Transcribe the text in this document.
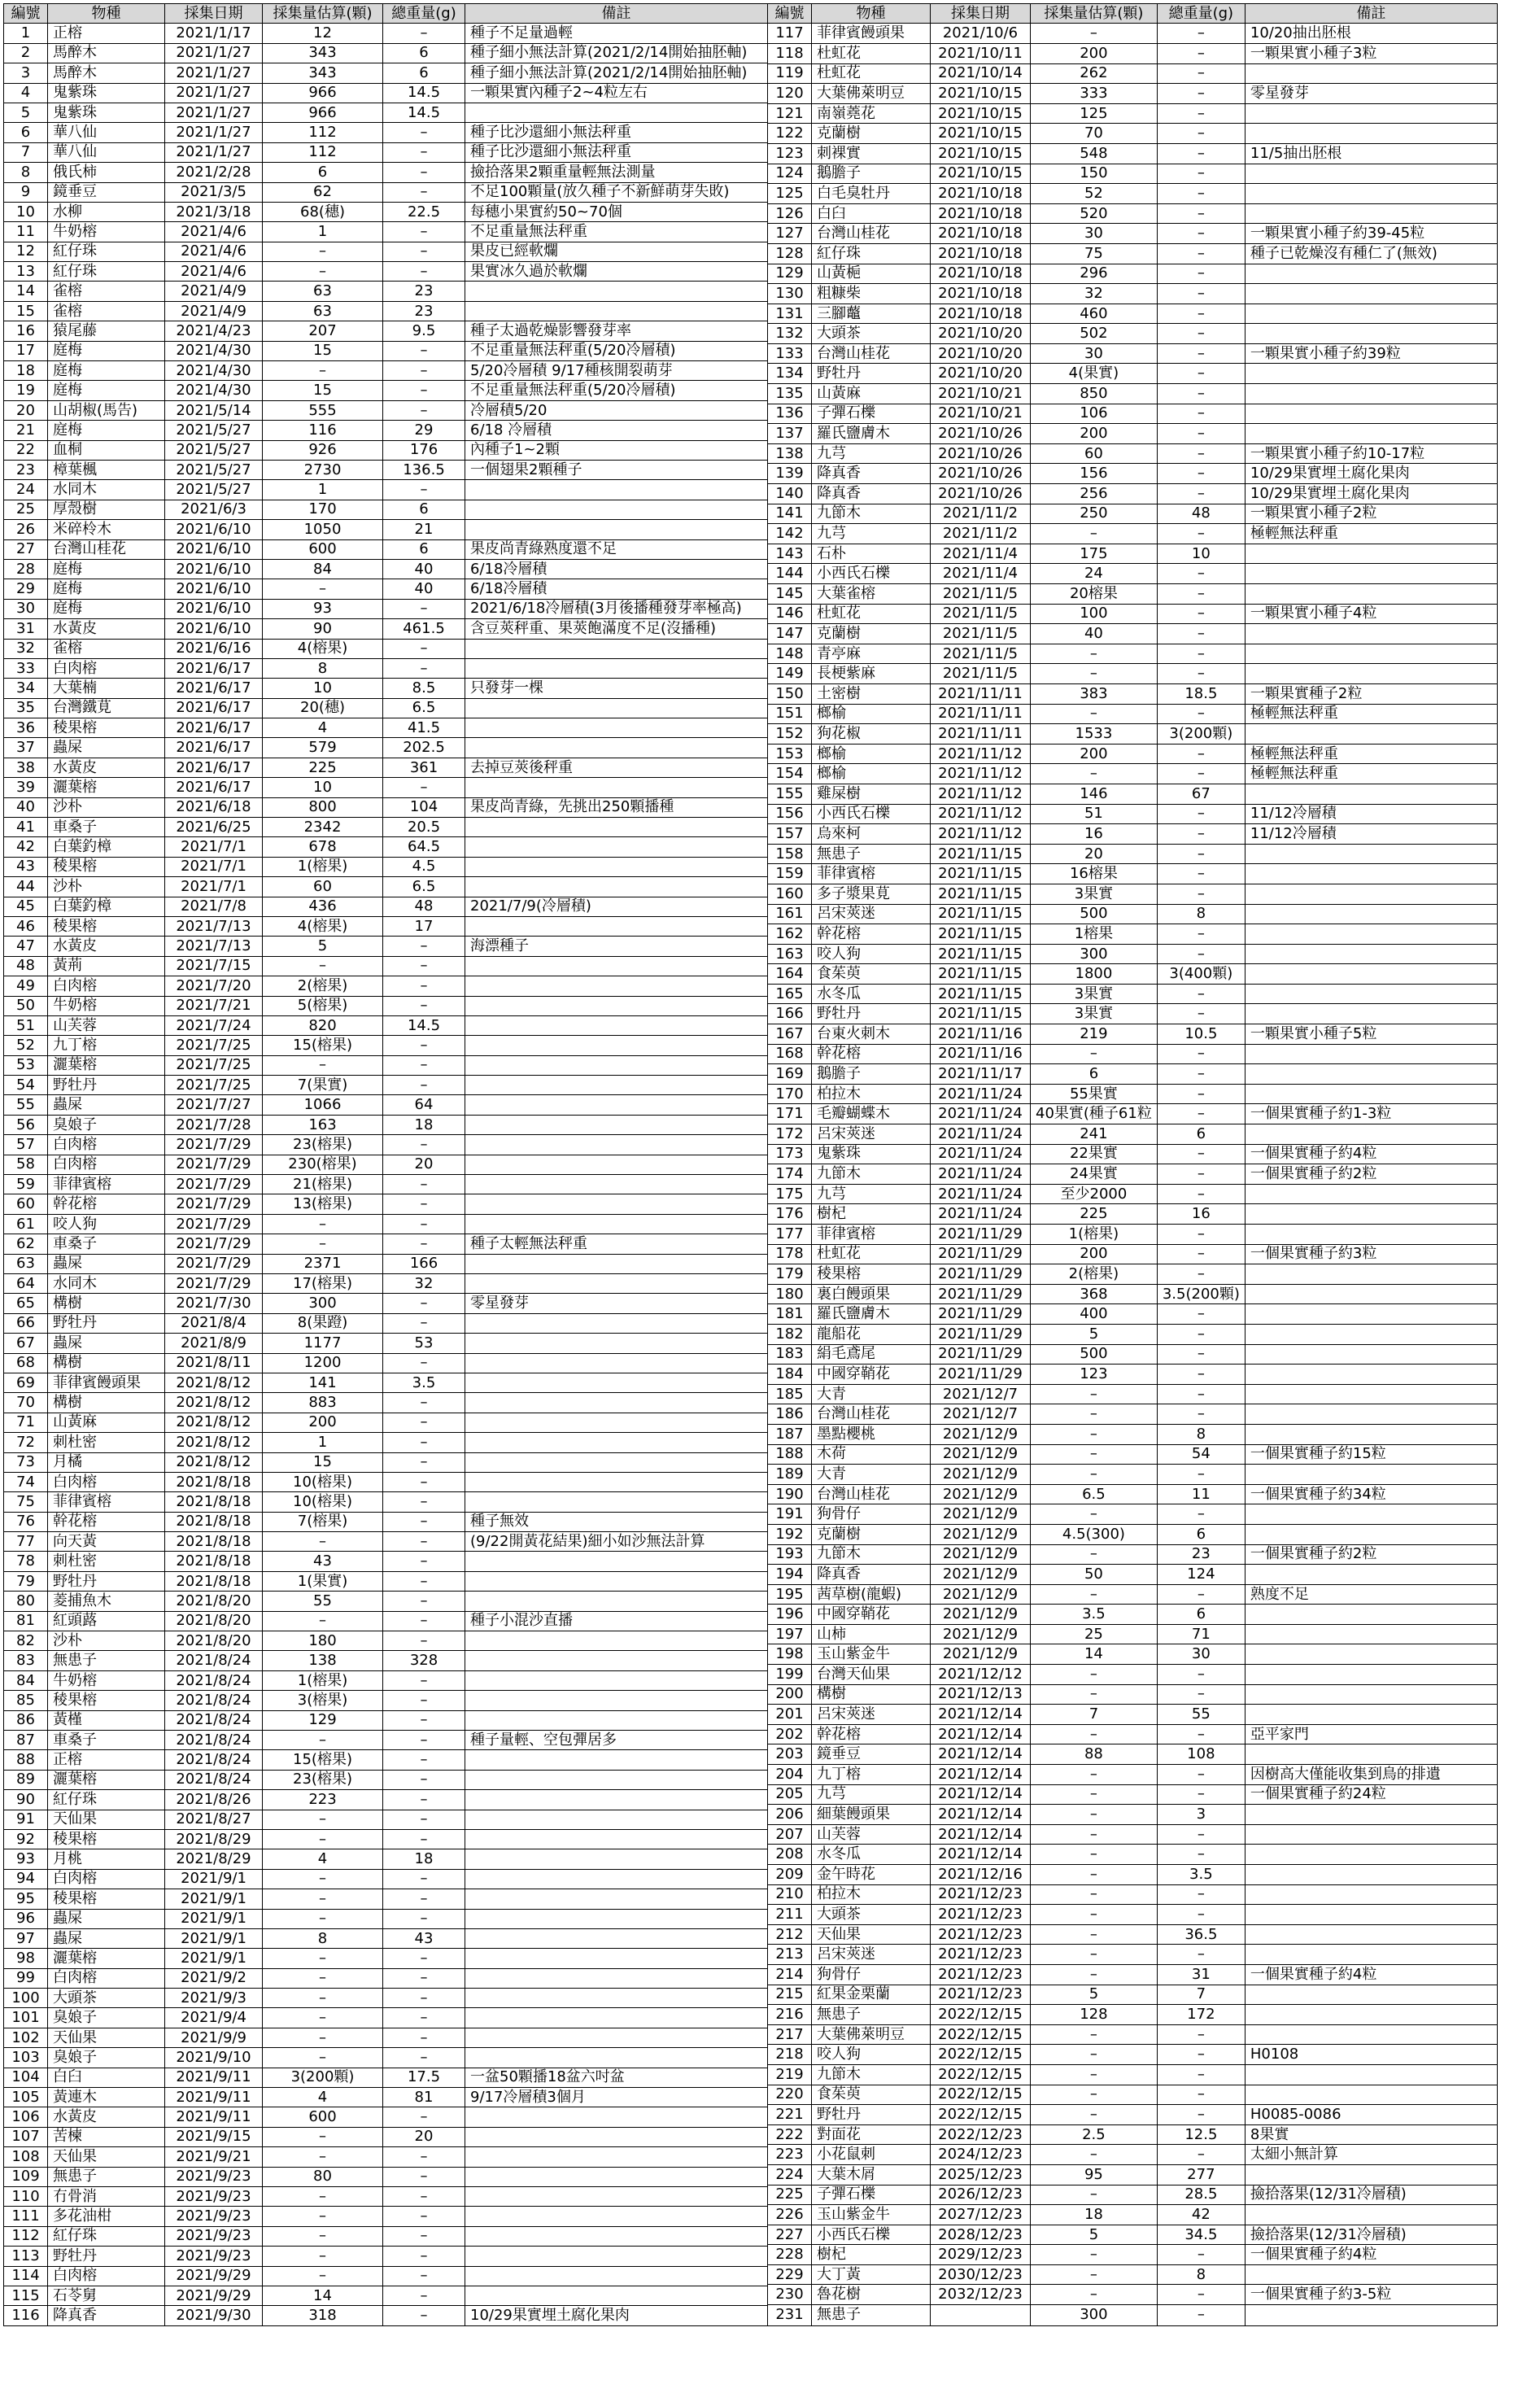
編號	物種	採集日期	採集量估算(顆)	總重量(g)	備註
1	正榕	2021/1/17	12	–	種子不足量過輕
2	馬醉木	2021/1/27	343	6	種子細小無法計算(2021/2/14開始抽胚軸)
3	馬醉木	2021/1/27	343	6	種子細小無法計算(2021/2/14開始抽胚軸)
4	鬼紫珠	2021/1/27	966	14.5	一顆果實內種子2~4粒左右
5	鬼紫珠	2021/1/27	966	14.5	
6	華八仙	2021/1/27	112	–	種子比沙還細小無法秤重
7	華八仙	2021/1/27	112	–	種子比沙還細小無法秤重
8	俄氏柿	2021/2/28	6	–	撿拾落果2顆重量輕無法測量
9	鏡垂豆	2021/3/5	62	–	不足100顆量(放久種子不新鮮萌芽失敗)
10	水柳	2021/3/18	68(穗)	22.5	每穗小果實約50~70個
11	牛奶榕	2021/4/6	1	–	不足重量無法秤重
12	紅仔珠	2021/4/6	–	–	果皮已經軟爛
13	紅仔珠	2021/4/6	–	–	果實冰久過於軟爛
14	雀榕	2021/4/9	63	23	
15	雀榕	2021/4/9	63	23	
16	猿尾藤	2021/4/23	207	9.5	種子太過乾燥影響發芽率
17	庭梅	2021/4/30	15	–	不足重量無法秤重(5/20冷層積)
18	庭梅	2021/4/30	–	–	5/20冷層積 9/17種核開裂萌芽
19	庭梅	2021/4/30	15	–	不足重量無法秤重(5/20冷層積)
20	山胡椒(馬告)	2021/5/14	555	–	冷層積5/20
21	庭梅	2021/5/27	116	29	6/18 冷層積
22	血桐	2021/5/27	926	176	內種子1~2顆
23	樟葉楓	2021/5/27	2730	136.5	一個翅果2顆種子
24	水同木	2021/5/27	1	–	
25	厚殼樹	2021/6/3	170	6	
26	米碎柃木	2021/6/10	1050	21	
27	台灣山桂花	2021/6/10	600	6	果皮尚青綠熟度還不足
28	庭梅	2021/6/10	84	40	6/18冷層積
29	庭梅	2021/6/10	–	40	6/18冷層積
30	庭梅	2021/6/10	93	–	2021/6/18冷層積(3月後播種發芽率極高)
31	水黃皮	2021/6/10	90	461.5	含豆莢秤重、果莢飽滿度不足(沒播種)
32	雀榕	2021/6/16	4(榕果)	–	
33	白肉榕	2021/6/17	8	–	
34	大葉楠	2021/6/17	10	8.5	只發芽一棵
35	台灣鐵莧	2021/6/17	20(穗)	6.5	
36	稜果榕	2021/6/17	4	41.5	
37	蟲屎	2021/6/17	579	202.5	
38	水黃皮	2021/6/17	225	361	去掉豆莢後秤重
39	灑葉榕	2021/6/17	10	–	
40	沙朴	2021/6/18	800	104	果皮尚青綠，先挑出250顆播種
41	車桑子	2021/6/25	2342	20.5	
42	白葉釣樟	2021/7/1	678	64.5	
43	稜果榕	2021/7/1	1(榕果)	4.5	
44	沙朴	2021/7/1	60	6.5	
45	白葉釣樟	2021/7/8	436	48	2021/7/9(冷層積)
46	稜果榕	2021/7/13	4(榕果)	17	
47	水黃皮	2021/7/13	5	–	海漂種子
48	黃荊	2021/7/15	–	–	
49	白肉榕	2021/7/20	2(榕果)	–	
50	牛奶榕	2021/7/21	5(榕果)	–	
51	山芙蓉	2021/7/24	820	14.5	
52	九丁榕	2021/7/25	15(榕果)	–	
53	灑葉榕	2021/7/25	–	–	
54	野牡丹	2021/7/25	7(果實)	–	
55	蟲屎	2021/7/27	1066	64	
56	臭娘子	2021/7/28	163	18	
57	白肉榕	2021/7/29	23(榕果)	–	
58	白肉榕	2021/7/29	230(榕果)	20	
59	菲律賓榕	2021/7/29	21(榕果)	–	
60	幹花榕	2021/7/29	13(榕果)	–	
61	咬人狗	2021/7/29	–	–	
62	車桑子	2021/7/29	–	–	種子太輕無法秤重
63	蟲屎	2021/7/29	2371	166	
64	水同木	2021/7/29	17(榕果)	32	
65	構樹	2021/7/30	300	–	零星發芽
66	野牡丹	2021/8/4	8(果蹬)	–	
67	蟲屎	2021/8/9	1177	53	
68	構樹	2021/8/11	1200	–	
69	菲律賓饅頭果	2021/8/12	141	3.5	
70	構樹	2021/8/12	883	–	
71	山黃麻	2021/8/12	200	–	
72	刺杜密	2021/8/12	1	–	
73	月橘	2021/8/12	15	–	
74	白肉榕	2021/8/18	10(榕果)	–	
75	菲律賓榕	2021/8/18	10(榕果)	–	
76	幹花榕	2021/8/18	7(榕果)	–	種子無效
77	向天黃	2021/8/18	–	–	(9/22開黃花結果)細小如沙無法計算
78	刺杜密	2021/8/18	43	–	
79	野牡丹	2021/8/18	1(果實)	–	
80	菱捕魚木	2021/8/20	55	–	
81	紅頭蕗	2021/8/20	–	–	種子小混沙直播
82	沙朴	2021/8/20	180	–	
83	無患子	2021/8/24	138	328	
84	牛奶榕	2021/8/24	1(榕果)	–	
85	稜果榕	2021/8/24	3(榕果)	–	
86	黃槿	2021/8/24	129	–	
87	車桑子	2021/8/24	–	–	種子量輕、空包彈居多
88	正榕	2021/8/24	15(榕果)	–	
89	灑葉榕	2021/8/24	23(榕果)	–	
90	紅仔珠	2021/8/26	223	–	
91	天仙果	2021/8/27	–	–	
92	稜果榕	2021/8/29	–	–	
93	月桃	2021/8/29	4	18	
94	白肉榕	2021/9/1	–	–	
95	稜果榕	2021/9/1	–	–	
96	蟲屎	2021/9/1	–	–	
97	蟲屎	2021/9/1	8	43	
98	灑葉榕	2021/9/1	–	–	
99	白肉榕	2021/9/2	–	–	
100	大頭茶	2021/9/3	–	–	
101	臭娘子	2021/9/4	–	–	
102	天仙果	2021/9/9	–	–	
103	臭娘子	2021/9/10	–	–	
104	白臼	2021/9/11	3(200顆)	17.5	一盆50顆播18盆六吋盆
105	黃連木	2021/9/11	4	81	9/17冷層積3個月
106	水黃皮	2021/9/11	600	–	
107	苦楝	2021/9/15	–	20	
108	天仙果	2021/9/21	–	–	
109	無患子	2021/9/23	80	–	
110	冇骨消	2021/9/23	–	–	
111	多花油柑	2021/9/23	–	–	
112	紅仔珠	2021/9/23	–	–	
113	野牡丹	2021/9/23	–	–	
114	白肉榕	2021/9/29	–	–	
115	石苓舅	2021/9/29	14	–	
116	降真香	2021/9/30	318	–	10/29果實埋土腐化果肉
編號	物種	採集日期	採集量估算(顆)	總重量(g)	備註
117	菲律賓饅頭果	2021/10/6	–	–	10/20抽出胚根
118	杜虹花	2021/10/11	200	–	一顆果實小種子3粒
119	杜虹花	2021/10/14	262	–	
120	大葉佛萊明豆	2021/10/15	333	–	零星發芽
121	南嶺蕘花	2021/10/15	125	–	
122	克蘭樹	2021/10/15	70	–	
123	刺裸實	2021/10/15	548	–	11/5抽出胚根
124	鵝膽子	2021/10/15	150	–	
125	白毛臭牡丹	2021/10/18	52	–	
126	白臼	2021/10/18	520	–	
127	台灣山桂花	2021/10/18	30	–	一顆果實小種子約39-45粒
128	紅仔珠	2021/10/18	75	–	種子已乾燥沒有種仁了(無效)
129	山黃梔	2021/10/18	296	–	
130	粗糠柴	2021/10/18	32	–	
131	三腳虌	2021/10/18	460	–	
132	大頭茶	2021/10/20	502	–	
133	台灣山桂花	2021/10/20	30	–	一顆果實小種子約39粒
134	野牡丹	2021/10/20	4(果實)	–	
135	山黃麻	2021/10/21	850	–	
136	子彈石櫟	2021/10/21	106	–	
137	羅氏鹽膚木	2021/10/26	200	–	
138	九芎	2021/10/26	60	–	一顆果實小種子約10-17粒
139	降真香	2021/10/26	156	–	10/29果實埋土腐化果肉
140	降真香	2021/10/26	256	–	10/29果實埋土腐化果肉
141	九節木	2021/11/2	250	48	一顆果實小種子2粒
142	九芎	2021/11/2	–	–	極輕無法秤重
143	石朴	2021/11/4	175	10	
144	小西氏石櫟	2021/11/4	24	–	
145	大葉雀榕	2021/11/5	20榕果	–	
146	杜虹花	2021/11/5	100	–	一顆果實小種子4粒
147	克蘭樹	2021/11/5	40	–	
148	青亭麻	2021/11/5	–	–	
149	長梗紫麻	2021/11/5	–	–	
150	土密樹	2021/11/11	383	18.5	一顆果實種子2粒
151	榔榆	2021/11/11	–	–	極輕無法秤重
152	狗花椒	2021/11/11	1533	3(200顆)	
153	榔榆	2021/11/12	200	–	極輕無法秤重
154	榔榆	2021/11/12	–	–	極輕無法秤重
155	雞屎樹	2021/11/12	146	67	
156	小西氏石櫟	2021/11/12	51	–	11/12冷層積
157	烏來柯	2021/11/12	16	–	11/12冷層積
158	無患子	2021/11/15	20	–	
159	菲律賓榕	2021/11/15	16榕果	–	
160	多子漿果莧	2021/11/15	3果實	–	
161	呂宋莢迷	2021/11/15	500	8	
162	幹花榕	2021/11/15	1榕果	–	
163	咬人狗	2021/11/15	300	–	
164	食茱萸	2021/11/15	1800	3(400顆)	
165	水冬瓜	2021/11/15	3果實	–	
166	野牡丹	2021/11/15	3果實	–	
167	台東火刺木	2021/11/16	219	10.5	一顆果實小種子5粒
168	幹花榕	2021/11/16	–	–	
169	鵝膽子	2021/11/17	6	–	
170	柏拉木	2021/11/24	55果實	–	
171	毛瓣蝴蝶木	2021/11/24	40果實(種子61粒	–	一個果實種子約1-3粒
172	呂宋莢迷	2021/11/24	241	6	
173	鬼紫珠	2021/11/24	22果實	–	一個果實種子約4粒
174	九節木	2021/11/24	24果實	–	一個果實種子約2粒
175	九芎	2021/11/24	至少2000	–	
176	樹杞	2021/11/24	225	16	
177	菲律賓榕	2021/11/29	1(榕果)	–	
178	杜虹花	2021/11/29	200	–	一個果實種子約3粒
179	稜果榕	2021/11/29	2(榕果)	–	
180	裏白饅頭果	2021/11/29	368	3.5(200顆)	
181	羅氏鹽膚木	2021/11/29	400	–	
182	龍船花	2021/11/29	5	–	
183	絹毛鳶尾	2021/11/29	500	–	
184	中國穿鞘花	2021/11/29	123	–	
185	大青	2021/12/7	–	–	
186	台灣山桂花	2021/12/7	–	–	
187	墨點櫻桃	2021/12/9	–	8	
188	木荷	2021/12/9	–	54	一個果實種子約15粒
189	大青	2021/12/9	–	–	
190	台灣山桂花	2021/12/9	6.5	11	一個果實種子約34粒
191	狗骨仔	2021/12/9	–	–	
192	克蘭樹	2021/12/9	4.5(300)	6	
193	九節木	2021/12/9	–	23	一個果實種子約2粒
194	降真香	2021/12/9	50	124	
195	茜草樹(龍蝦)	2021/12/9	–	–	熟度不足
196	中國穿鞘花	2021/12/9	3.5	6	
197	山柿	2021/12/9	25	71	
198	玉山紫金牛	2021/12/9	14	30	
199	台灣天仙果	2021/12/12	–	–	
200	構樹	2021/12/13	–	–	
201	呂宋莢迷	2021/12/14	7	55	
202	幹花榕	2021/12/14	–	–	亞平家門
203	鏡垂豆	2021/12/14	88	108	
204	九丁榕	2021/12/14	–	–	因樹高大僅能收集到鳥的排遺
205	九芎	2021/12/14	–	–	一個果實種子約24粒
206	細葉饅頭果	2021/12/14	–	3	
207	山芙蓉	2021/12/14	–	–	
208	水冬瓜	2021/12/14	–	–	
209	金午時花	2021/12/16	–	3.5	
210	柏拉木	2021/12/23	–	–	
211	大頭茶	2021/12/23	–	–	
212	天仙果	2021/12/23	–	36.5	
213	呂宋莢迷	2021/12/23	–	–	
214	狗骨仔	2021/12/23	–	31	一個果實種子約4粒
215	紅果金栗蘭	2021/12/23	5	7	
216	無患子	2022/12/15	128	172	
217	大葉佛萊明豆	2022/12/15	–	–	
218	咬人狗	2022/12/15	–	–	H0108
219	九節木	2022/12/15	–	–	
220	食茱萸	2022/12/15	–	–	
221	野牡丹	2022/12/15	–	–	H0085-0086
222	對面花	2022/12/23	2.5	12.5	8果實
223	小花鼠刺	2024/12/23	–	–	太細小無計算
224	大葉木屑	2025/12/23	95	277	
225	子彈石櫟	2026/12/23	–	28.5	撿拾落果(12/31冷層積)
226	玉山紫金牛	2027/12/23	18	42	
227	小西氏石櫟	2028/12/23	5	34.5	撿拾落果(12/31冷層積)
228	樹杞	2029/12/23	–	–	一個果實種子約4粒
229	大丁黃	2030/12/23	–	8	
230	魯花樹	2032/12/23	–	–	一個果實種子約3-5粒
231	無患子		300	–	
